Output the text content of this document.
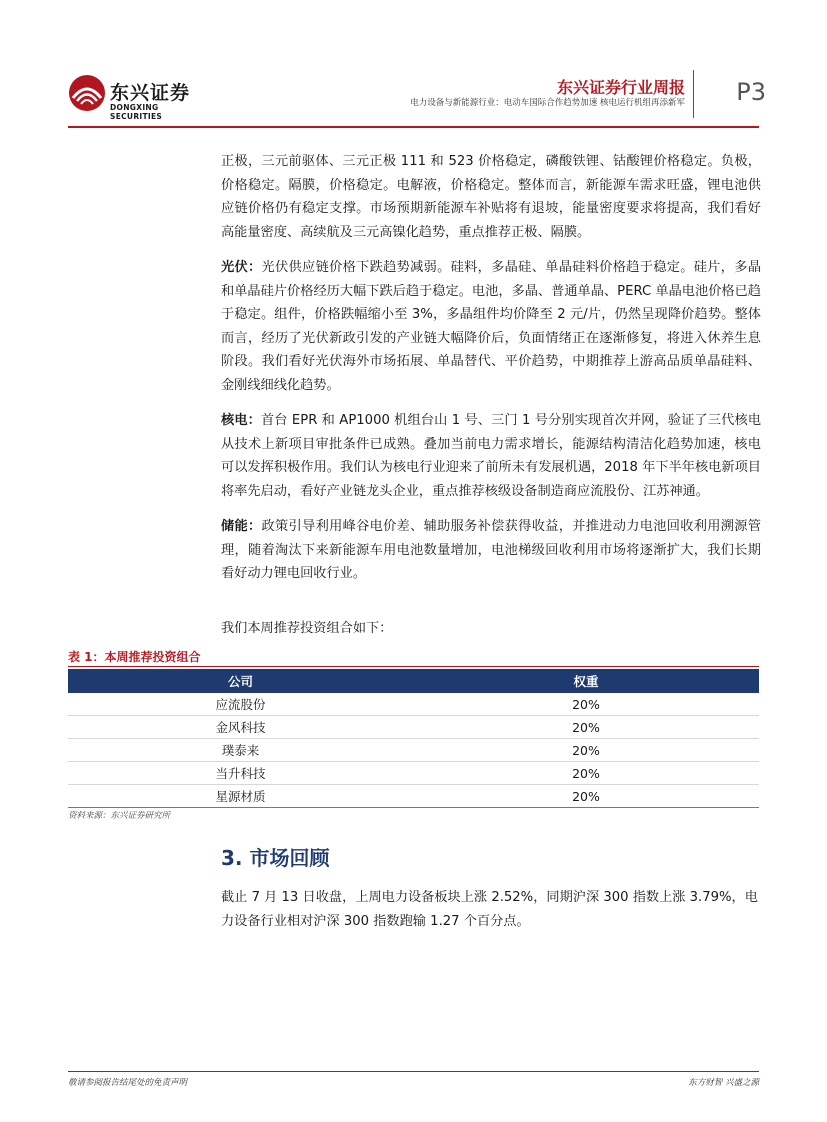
东兴证券
DONGXING SECURITIES
东兴证券行业周报
电力设备与新能源行业：电动车国际合作趋势加速 核电运行机组再添新军 P3

正极，三元前驱体、三元正极 111 和 523 价格稳定，磷酸铁锂、钴酸锂价格稳定。负极，价格稳定。隔膜，价格稳定。电解液，价格稳定。整体而言，新能源车需求旺盛，锂电池供应链价格仍有稳定支撑。市场预期新能源车补贴将有退坡，能量密度要求将提高，我们看好高能量密度、高续航及三元高镍化趋势，重点推荐正极、隔膜。

光伏：光伏供应链价格下跌趋势减弱。硅料，多晶硅、单晶硅料价格趋于稳定。硅片，多晶和单晶硅片价格经历大幅下跌后趋于稳定。电池，多晶、普通单晶、PERC 单晶电池价格已趋于稳定。组件，价格跌幅缩小至 3%，多晶组件均价降至 2 元/片，仍然呈现降价趋势。整体而言，经历了光伏新政引发的产业链大幅降价后，负面情绪正在逐渐修复，将进入休养生息阶段。我们看好光伏海外市场拓展、单晶替代、平价趋势，中期推荐上游高品质单晶硅料、金刚线细线化趋势。

核电：首台 EPR 和 AP1000 机组台山 1 号、三门 1 号分别实现首次并网，验证了三代核电从技术上新项目审批条件已成熟。叠加当前电力需求增长，能源结构清洁化趋势加速，核电可以发挥积极作用。我们认为核电行业迎来了前所未有发展机遇，2018 年下半年核电新项目将率先启动，看好产业链龙头企业，重点推荐核级设备制造商应流股份、江苏神通。

储能：政策引导利用峰谷电价差、辅助服务补偿获得收益，并推进动力电池回收利用溯源管理，随着淘汰下来新能源车用电池数量增加，电池梯级回收利用市场将逐渐扩大，我们长期看好动力锂电回收行业。

我们本周推荐投资组合如下：
表 1：本周推荐投资组合
公司	权重
应流股份	20%
金风科技	20%
璞泰来	20%
当升科技	20%
星源材质	20%
资料来源：东兴证券研究所
3. 市场回顾
截止 7 月 13 日收盘，上周电力设备板块上涨 2.52%，同期沪深 300 指数上涨 3.79%，电力设备行业相对沪深 300 指数跑输 1.27 个百分点。
敬请参阅报告结尾处的免责声明	东方财智 兴盛之源
